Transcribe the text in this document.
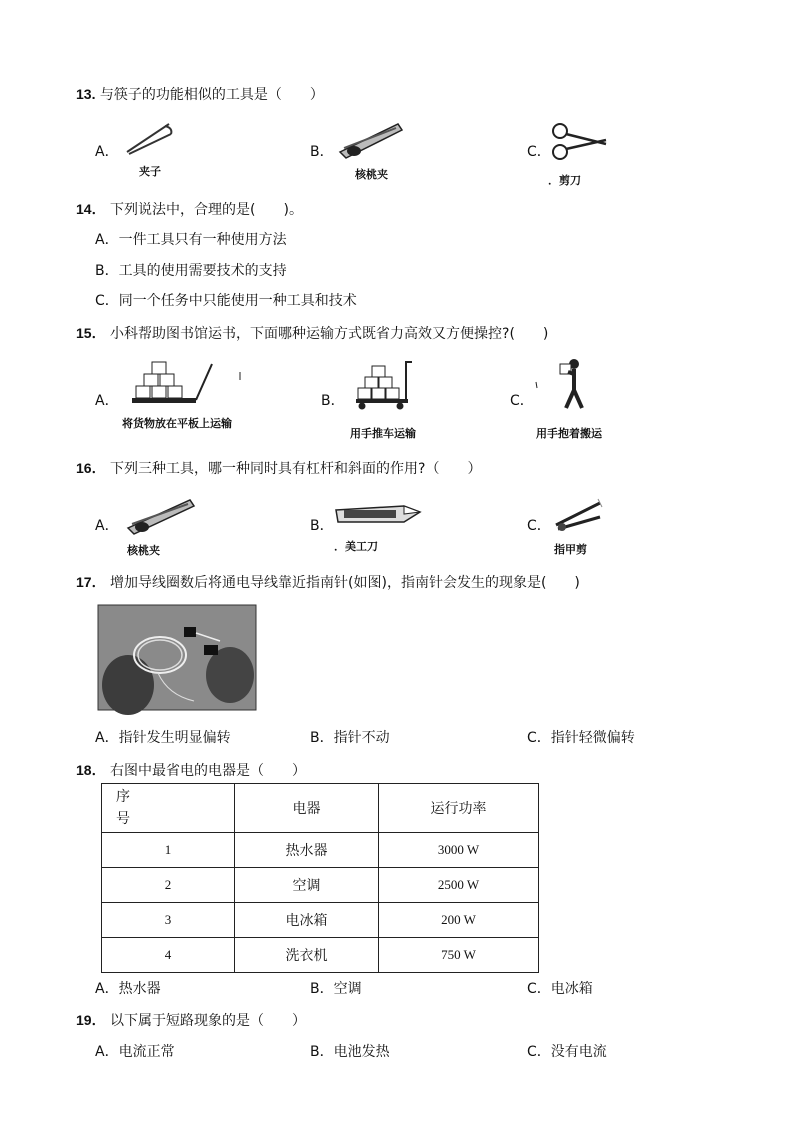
13. 与筷子的功能相似的工具是（　　）
A．
夹子
B．
核桃夹
C．
．剪刀
14． 下列说法中，合理的是(　　)。
A．一件工具只有一种使用方法
B．工具的使用需要技术的支持
C．同一个任务中只能使用一种工具和技术
15． 小科帮助图书馆运书，下面哪种运输方式既省力高效又方便操控?(　　)
A．
将货物放在平板上运输
B．
用手推车运输
C．
用手抱着搬运
16． 下列三种工具，哪一种同时具有杠杆和斜面的作用?（　　）
A．
核桃夹
B．
．美工刀
C．
指甲剪
17． 增加导线圈数后将通电导线靠近指南针(如图)，指南针会发生的现象是(　　)
A．指针发生明显偏转	B．指针不动	C．指针轻微偏转
18． 右图中最省电的电器是（　　）
序
号	电器	运行功率
1	热水器	3000 W
2	空调	2500 W
3	电冰箱	200 W
4	洗衣机	750 W
A．热水器	B．空调	C．电冰箱
19． 以下属于短路现象的是（　　）
A．电流正常	B．电池发热	C．没有电流
